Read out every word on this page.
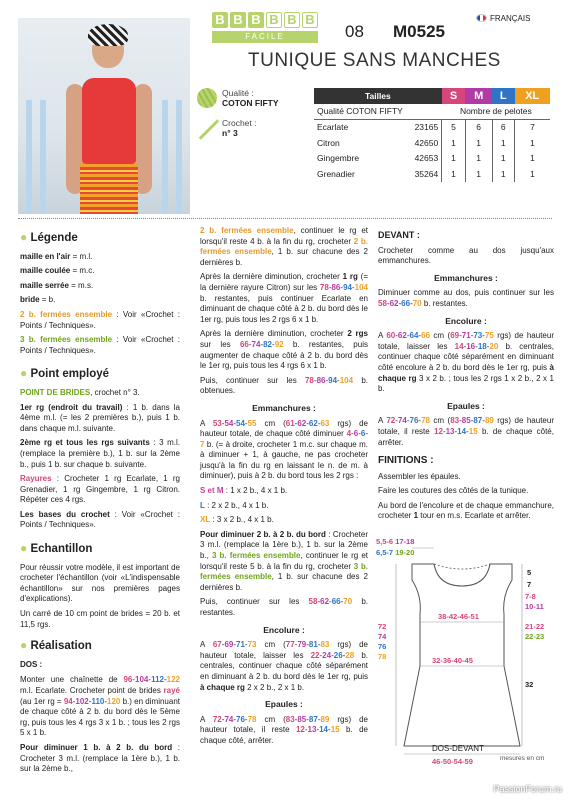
B B B B B B
FACILE	08 M0525
FRANÇAIS
TUNIQUE SANS MANCHES
Qualité :
COTON FIFTY
Crochet :
n° 3
Tailles		S	M	L	XL
Qualité COTON FIFTY		Nombre de pelotes			
Ecarlate	23165	5	6	6	7
Citron	42650	1	1	1	1
Gingembre	42653	1	1	1	1
Grenadier	35264	1	1	1	1
● Légende

maille en l'air = m.l.

maille coulée = m.c.

maille serrée = m.s.

bride = b.

2 b. fermées ensemble : Voir «Crochet : Points / Techniques».

3 b. fermées ensemble : Voir «Crochet : Points / Techniques».

● Point employé

POINT DE BRIDES, crochet n° 3.

1er rg (endroit du travail) : 1 b. dans la 4ème m.l. (= les 2 premières b.), puis 1 b. dans chaque m.l. suivante.

2ème rg et tous les rgs suivants : 3 m.l. (remplace la première b.), 1 b. sur la 2ème b., puis 1 b. sur chaque b. suivante.

Rayures : Crocheter 1 rg Ecarlate, 1 rg Grenadier, 1 rg Gingembre, 1 rg Citron. Répéter ces 4 rgs.

Les bases du crochet : Voir «Crochet : Points / Techniques».

● Echantillon

Pour réussir votre modèle, il est important de crocheter l'échantillon (voir «L'indispensable échantillon» sur nos premières pages d'explications).

Un carré de 10 cm point de brides = 20 b. et 11,5 rgs.

● Réalisation
DOS :

Monter une chaînette de 96-104-112-122 m.l. Ecarlate. Crocheter point de brides rayé (au 1er rg = 94-102-110-120 b.) en diminuant de chaque côté à 2 b. du bord dès le 5ème rg, puis tous les 4 rgs 3 x 1 b. ; tous les 2 rgs 5 x 1 b.

Pour diminuer 1 b. à 2 b. du bord : Crocheter 3 m.l. (remplace la 1ère b.), 1 b. sur la 2ème b.,

2 b. fermées ensemble, continuer le rg et lorsqu'il reste 4 b. à la fin du rg, crocheter 2 b. fermées ensemble, 1 b. sur chacune des 2 dernières b.

Après la dernière diminution, crocheter 1 rg (= la dernière rayure Citron) sur les 78-86-94-104 b. restantes, puis continuer Ecarlate en diminuant de chaque côté à 2 b. du bord dès le 1er rg, puis tous les 2 rgs 6 x 1 b.

Après la dernière diminution, crocheter 2 rgs sur les 66-74-82-92 b. restantes, puis augmenter de chaque côté à 2 b. du bord dès le 1er rg, puis tous les 4 rgs 6 x 1 b.

Puis, continuer sur les 78-86-94-104 b. obtenues.

Emmanchures :

A 53-54-54-55 cm (61-62-62-63 rgs) de hauteur totale, de chaque côté diminuer 4-6-6-7 b. (= à droite, crocheter 1 m.c. sur chaque m. à diminuer + 1, à gauche, ne pas crocheter jusqu'à la fin du rg en laissant le n. de m. à diminuer), puis à 2 b. du bord tous les 2 rgs :

S et M : 1 x 2 b., 4 x 1 b.

L : 2 x 2 b., 4 x 1 b.

XL : 3 x 2 b., 4 x 1 b.

Pour diminuer 2 b. à 2 b. du bord : Crocheter 3 m.l. (remplace la 1ère b.), 1 b. sur la 2ème b., 3 b. fermées ensemble, continuer le rg et lorsqu'il reste 5 b. à la fin du rg, crocheter 3 b. fermées ensemble, 1 b. sur chacune des 2 dernières b.

Puis, continuer sur les 58-62-66-70 b. restantes.

Encolure :

A 67-69-71-73 cm (77-79-81-83 rgs) de hauteur totale, laisser les 22-24-26-28 b. centrales, continuer chaque côté séparément en diminuant à 2 b. du bord dès le 1er rg, puis à chaque rg 2 x 2 b., 2 x 1 b.

Epaules :

A 72-74-76-78 cm (83-85-87-89 rgs) de hauteur totale, il reste 12-13-14-15 b. de chaque côté, arrêter.

DEVANT :

Crocheter comme au dos jusqu'aux emmanchures.

Emmanchures :

Diminuer comme au dos, puis continuer sur les 58-62-66-70 b. restantes.

Encolure :

A 60-62-64-66 cm (69-71-73-75 rgs) de hauteur totale, laisser les 14-16-18-20 b. centrales, continuer chaque côté séparément en diminuant côté encolure à 2 b. du bord dès le 1er rg, puis à chaque rg 3 x 2 b. ; tous les 2 rgs 1 x 2 b., 2 x 1 b.

Epaules :

A 72-74-76-78 cm (83-85-87-89 rgs) de hauteur totale, il reste 12-13-14-15 b. de chaque côté, arrêter.

FINITIONS :

Assembler les épaules.

Faire les coutures des côtés de la tunique.

Au bord de l'encolure et de chaque emmanchure, crocheter 1 tour en m.s. Ecarlate et arrêter.

5,5-6 17-18
6,5-7 19-20
5
7
7-8
10-11
38-42-46-51
21-22
22-23
72
74
76
78	32-36-40-45
32
46-50-54-59
DOS-DEVANT
mesures en cm
PassionForum.ru
